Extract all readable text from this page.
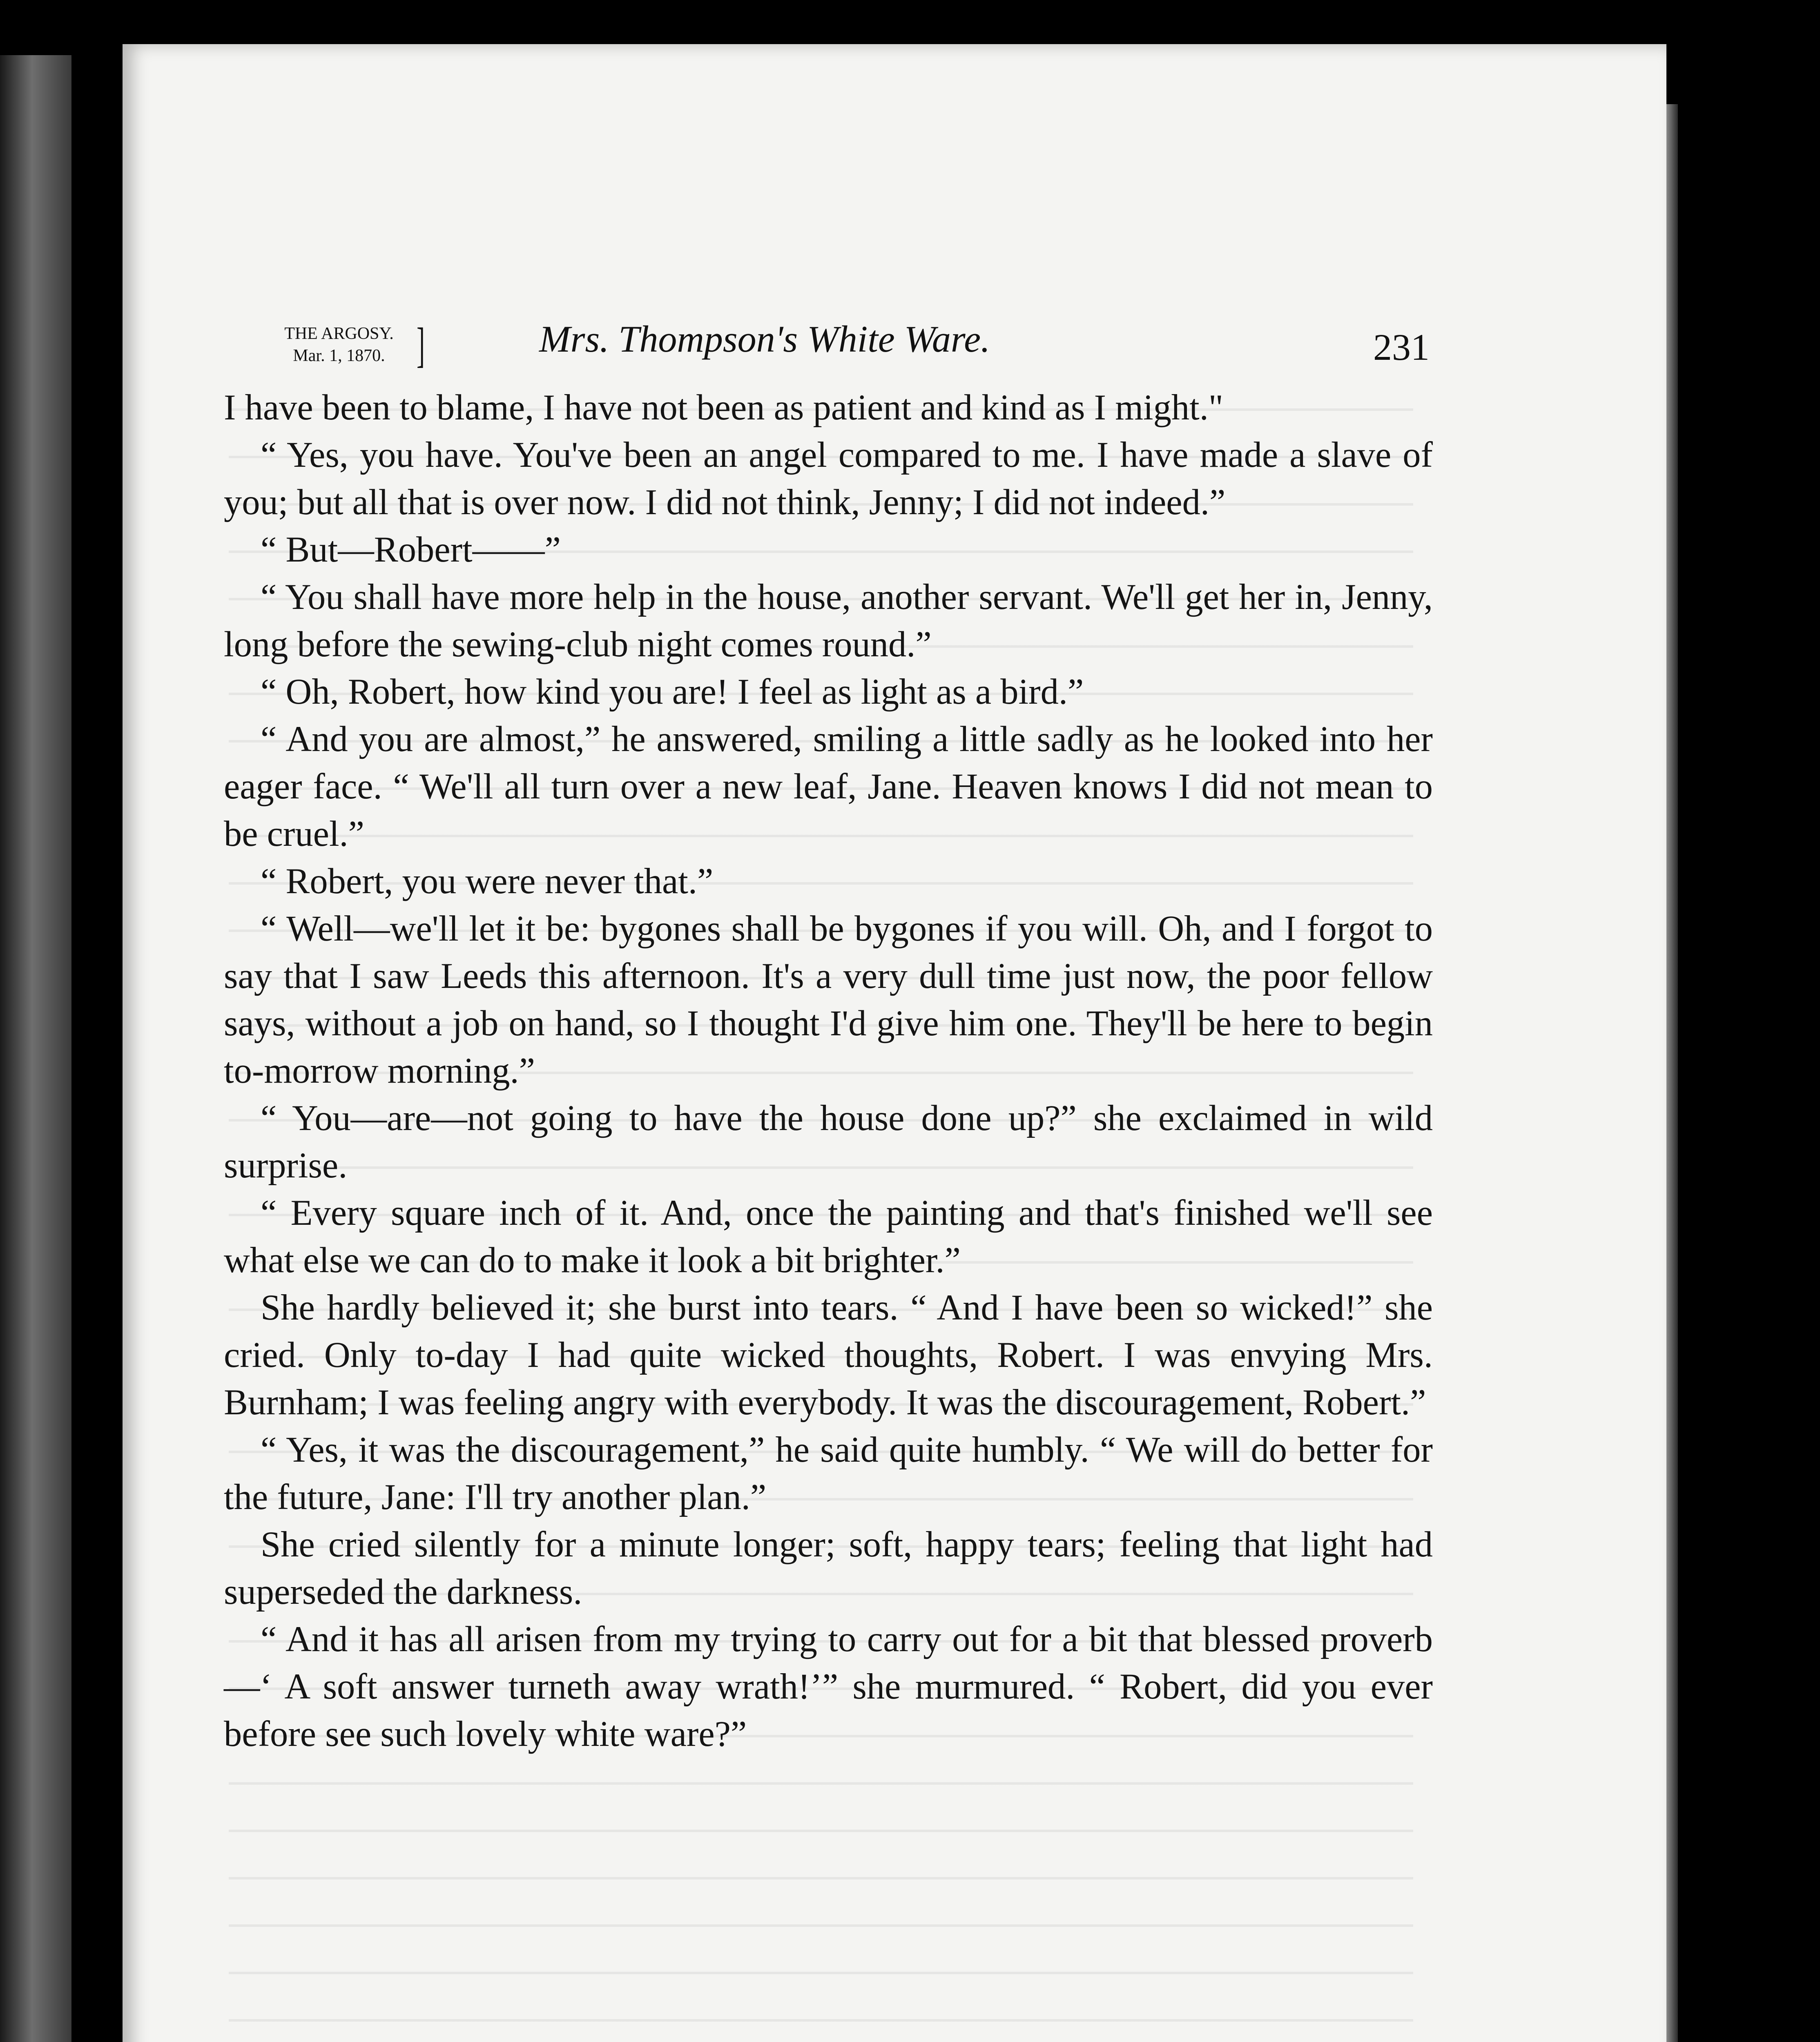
THE ARGOSY.
Mar. 1, 1870. ]	Mrs. Thompson's White Ware.	231

I have been to blame, I have not been as patient and kind as I might."

“ Yes, you have. You've been an angel compared to me. I have made a slave of you; but all that is over now. I did not think, Jenny; I did not indeed.”

“ But—Robert——”

“ You shall have more help in the house, another servant. We'll get her in, Jenny, long before the sewing-club night comes round.”

“ Oh, Robert, how kind you are! I feel as light as a bird.”

“ And you are almost,” he answered, smiling a little sadly as he looked into her eager face. “ We'll all turn over a new leaf, Jane. Heaven knows I did not mean to be cruel.”

“ Robert, you were never that.”

“ Well—we'll let it be: bygones shall be bygones if you will. Oh, and I forgot to say that I saw Leeds this afternoon. It's a very dull time just now, the poor fellow says, without a job on hand, so I thought I'd give him one. They'll be here to begin to-morrow morning.”

“ You—are—not going to have the house done up?” she exclaimed in wild surprise.

“ Every square inch of it. And, once the painting and that's finished we'll see what else we can do to make it look a bit brighter.”

She hardly believed it; she burst into tears. “ And I have been so wicked!” she cried. Only to-day I had quite wicked thoughts, Robert. I was envying Mrs. Burnham; I was feeling angry with everybody. It was the discouragement, Robert.”

“ Yes, it was the discouragement,” he said quite humbly. “ We will do better for the future, Jane: I'll try another plan.”

She cried silently for a minute longer; soft, happy tears; feeling that light had superseded the darkness.

“ And it has all arisen from my trying to carry out for a bit that blessed proverb—‘ A soft answer turneth away wrath!’” she murmured. “ Robert, did you ever before see such lovely white ware?”
